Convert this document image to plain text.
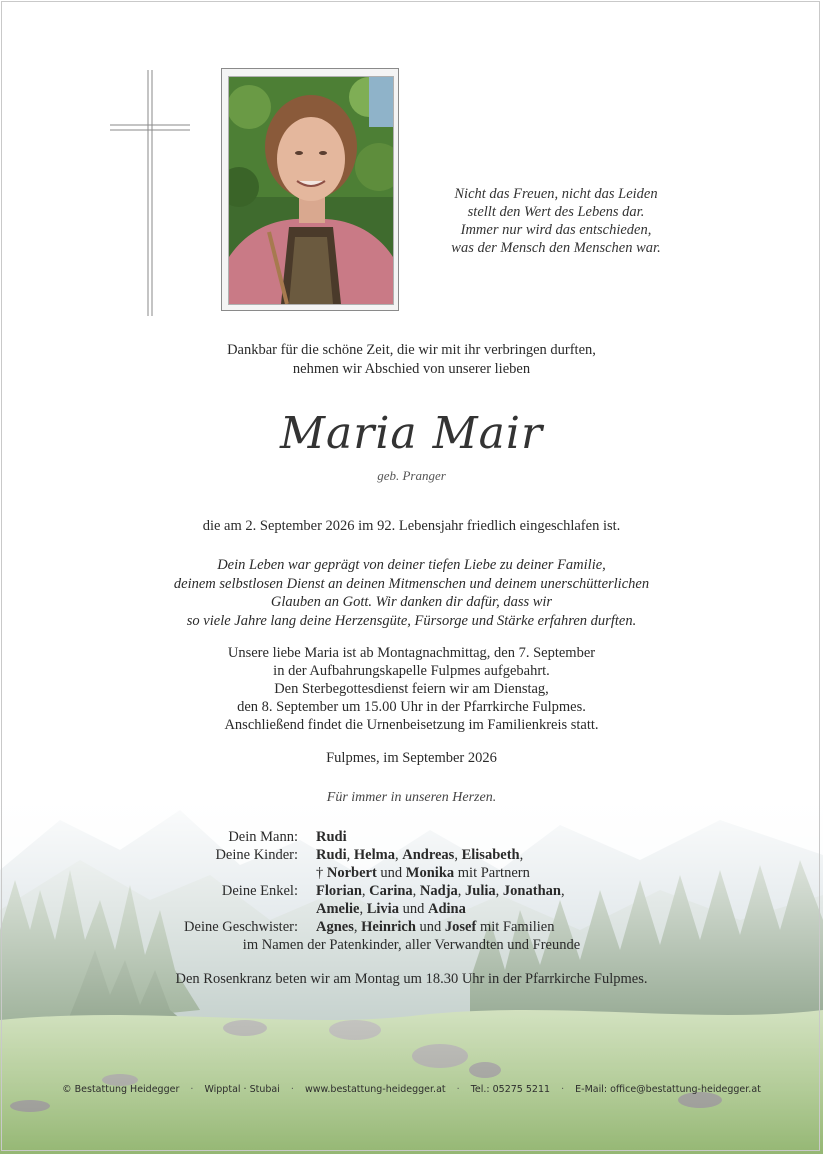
Nicht das Freuen, nicht das Leiden
stellt den Wert des Lebens dar.
Immer nur wird das entschieden,
was der Mensch den Menschen war.
Dankbar für die schöne Zeit, die wir mit ihr verbringen durften,
nehmen wir Abschied von unserer lieben
Maria Mair
geb. Pranger
die am 2. September 2026 im 92. Lebensjahr friedlich eingeschlafen ist.
Dein Leben war geprägt von deiner tiefen Liebe zu deiner Familie,
deinem selbstlosen Dienst an deinen Mitmenschen und deinem unerschütterlichen
Glauben an Gott. Wir danken dir dafür, dass wir
so viele Jahre lang deine Herzensgüte, Fürsorge und Stärke erfahren durften.
Unsere liebe Maria ist ab Montagnachmittag, den 7. September
in der Aufbahrungskapelle Fulpmes aufgebahrt.
Den Sterbegottesdienst feiern wir am Dienstag,
den 8. September um 15.00 Uhr in der Pfarrkirche Fulpmes.
Anschließend findet die Urnenbeisetzung im Familienkreis statt.
Fulpmes, im September 2026
Für immer in unseren Herzen.
Dein Mann: Rudi
Deine Kinder: Rudi, Helma, Andreas, Elisabeth,
† Norbert und Monika mit Partnern
Deine Enkel: Florian, Carina, Nadja, Julia, Jonathan,
Amelie, Livia und Adina
Deine Geschwister: Agnes, Heinrich und Josef mit Familien
im Namen der Patenkinder, aller Verwandten und Freunde
Den Rosenkranz beten wir am Montag um 18.30 Uhr in der Pfarrkirche Fulpmes.
© Bestattung Heidegger · Wipptal · Stubai · www.bestattung-heidegger.at · Tel.: 05275 5211 · E-Mail: office@bestattung-heidegger.at
